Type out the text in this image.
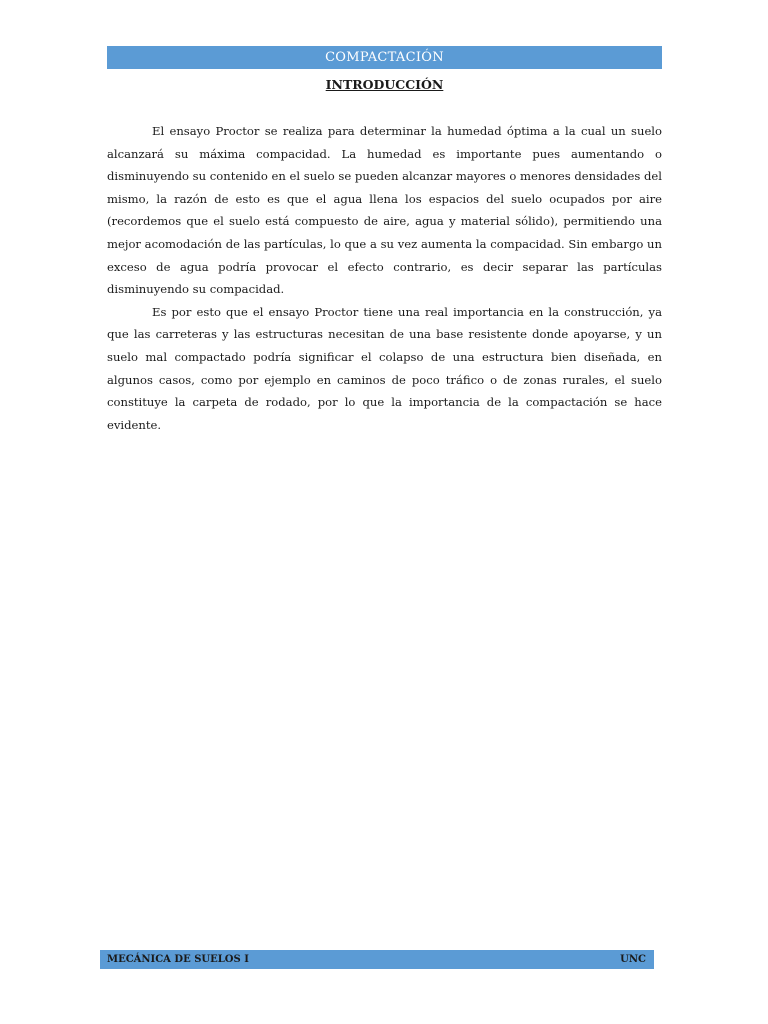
COMPACTACIÓN
INTRODUCCIÓN

El ensayo Proctor se realiza para determinar la humedad óptima a la cual un suelo alcanzará su máxima compacidad. La humedad es importante pues aumentando o disminuyendo su contenido en el suelo se pueden alcanzar mayores o menores densidades del mismo, la razón de esto es que el agua llena los espacios del suelo ocupados por aire (recordemos que el suelo está compuesto de aire, agua y material sólido), permitiendo una mejor acomodación de las partículas, lo que a su vez aumenta la compacidad. Sin embargo un exceso de agua podría provocar el efecto contrario, es decir separar las partículas disminuyendo su compacidad.

Es por esto que el ensayo Proctor tiene una real importancia en la construcción, ya que las carreteras y las estructuras necesitan de una base resistente donde apoyarse, y un suelo mal compactado podría significar el colapso de una estructura bien diseñada, en algunos casos, como por ejemplo en caminos de poco tráfico o de zonas rurales, el suelo constituye la carpeta de rodado, por lo que la importancia de la compactación se hace evidente.

MECÁNICA DE SUELOS I	UNC
